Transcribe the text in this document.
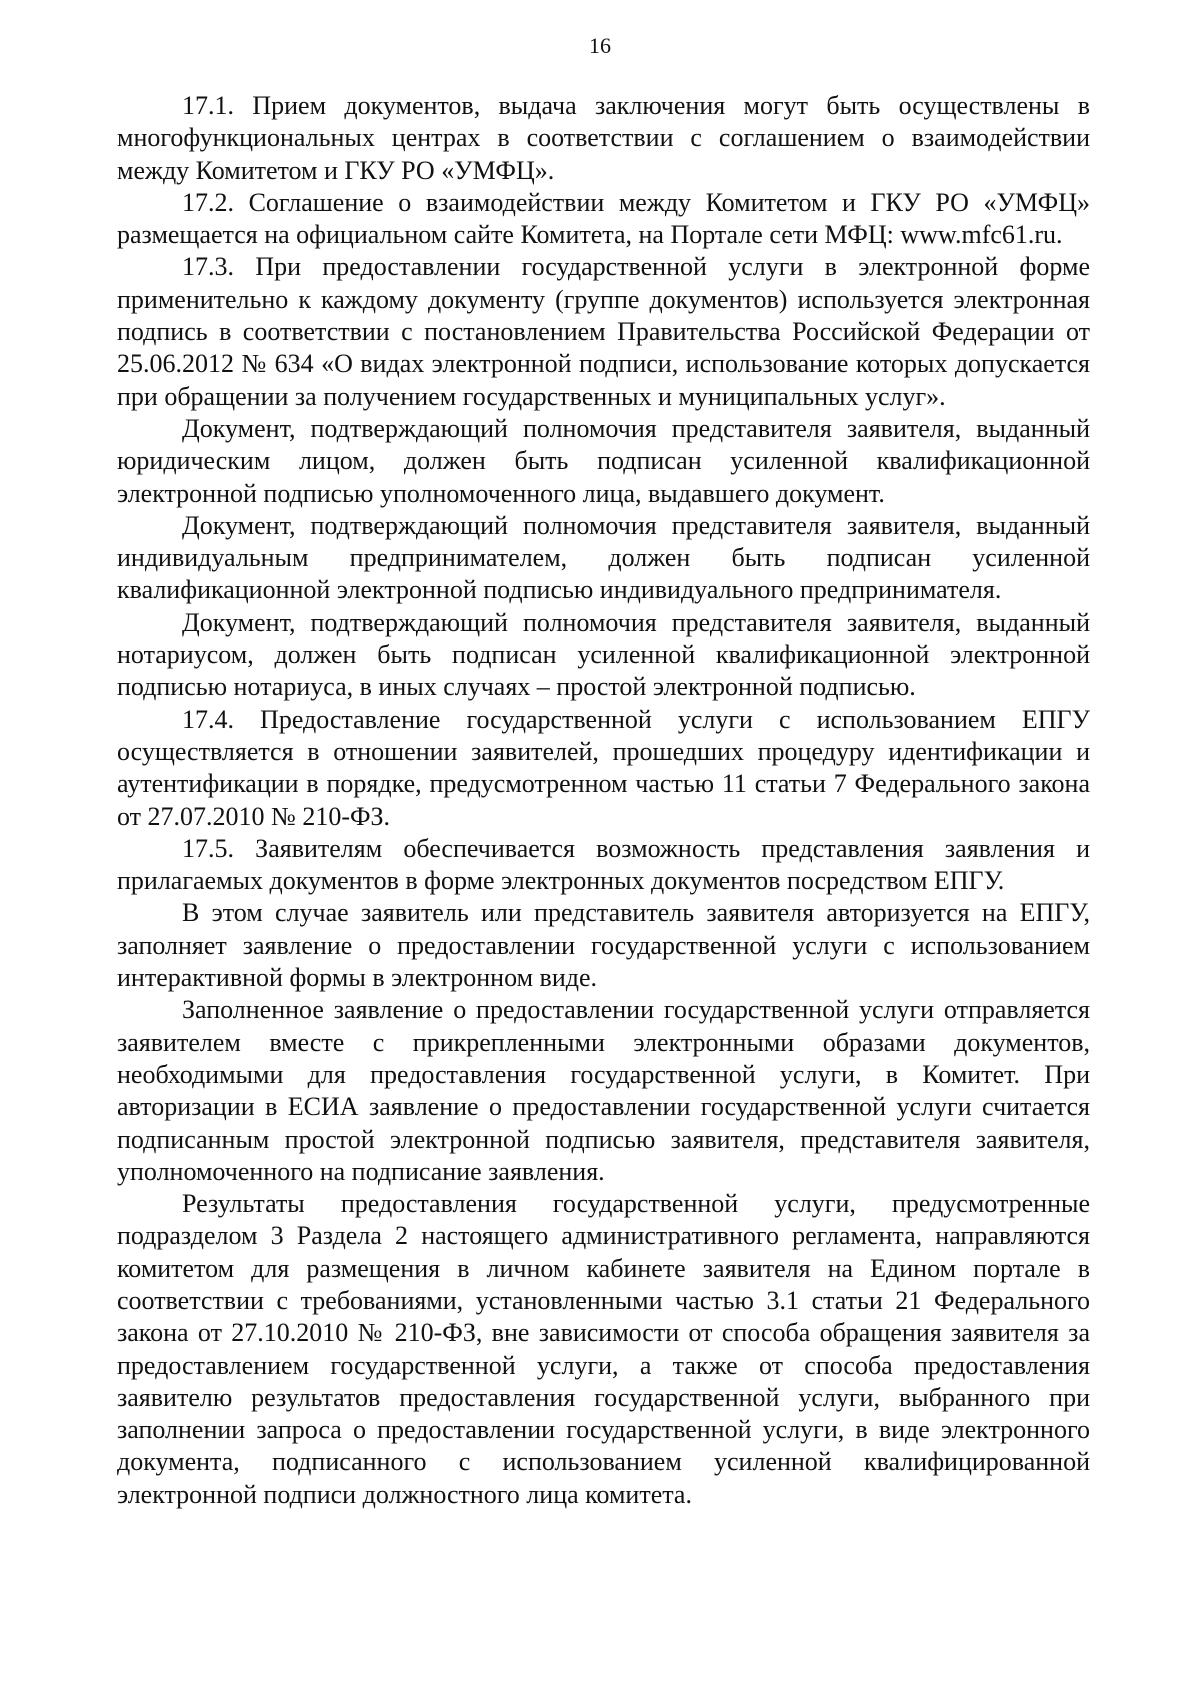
16

17.1. Прием документов, выдача заключения могут быть осуществлены в многофункциональных центрах в соответствии с соглашением о взаимодействии между Комитетом и ГКУ РО «УМФЦ».

17.2. Соглашение о взаимодействии между Комитетом и ГКУ РО «УМФЦ» размещается на официальном сайте Комитета, на Портале сети МФЦ: www.mfc61.ru.

17.3. При предоставлении государственной услуги в электронной форме применительно к каждому документу (группе документов) используется электронная подпись в соответствии с постановлением Правительства Российской Федерации от 25.06.2012 № 634 «О видах электронной подписи, использование которых допускается при обращении за получением государственных и муниципальных услуг».

Документ, подтверждающий полномочия представителя заявителя, выданный юридическим лицом, должен быть подписан усиленной квалификационной электронной подписью уполномоченного лица, выдавшего документ.

Документ, подтверждающий полномочия представителя заявителя, выданный индивидуальным предпринимателем, должен быть подписан усиленной квалификационной электронной подписью индивидуального предпринимателя.

Документ, подтверждающий полномочия представителя заявителя, выданный нотариусом, должен быть подписан усиленной квалификационной электронной подписью нотариуса, в иных случаях – простой электронной подписью.

17.4. Предоставление государственной услуги с использованием ЕПГУ осуществляется в отношении заявителей, прошедших процедуру идентификации и аутентификации в порядке, предусмотренном частью 11 статьи 7 Федерального закона от 27.07.2010 № 210-ФЗ.

17.5. Заявителям обеспечивается возможность представления заявления и прилагаемых документов в форме электронных документов посредством ЕПГУ.

В этом случае заявитель или представитель заявителя авторизуется на ЕПГУ, заполняет заявление о предоставлении государственной услуги с использованием интерактивной формы в электронном виде.

Заполненное заявление о предоставлении государственной услуги отправляется заявителем вместе с прикрепленными электронными образами документов, необходимыми для предоставления государственной услуги, в Комитет. При авторизации в ЕСИА заявление о предоставлении государственной услуги считается подписанным простой электронной подписью заявителя, представителя заявителя, уполномоченного на подписание заявления.

Результаты предоставления государственной услуги, предусмотренные подразделом 3 Раздела 2 настоящего административного регламента, направляются комитетом для размещения в личном кабинете заявителя на Едином портале в соответствии с требованиями, установленными частью 3.1 статьи 21 Федерального закона от 27.10.2010 № 210-ФЗ, вне зависимости от способа обращения заявителя за предоставлением государственной услуги, а также от способа предоставления заявителю результатов предоставления государственной услуги, выбранного при заполнении запроса о предоставлении государственной услуги, в виде электронного документа, подписанного с использованием усиленной квалифицированной электронной подписи должностного лица комитета.
